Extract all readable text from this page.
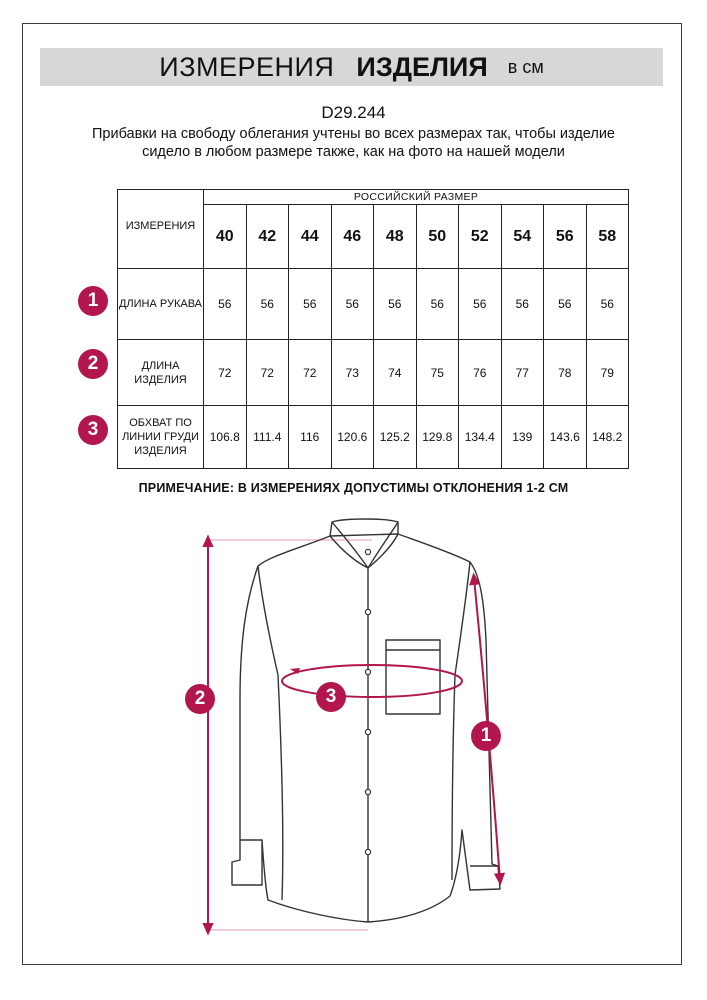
ИЗМЕРЕНИЯ ИЗДЕЛИЯ в см
D29.244
Прибавки на свободу облегания учтены во всех размерах так, чтобы изделие сидело в любом размере также, как на фото на нашей модели
ИЗМЕРЕНИЯ	РОССИЙСКИЙ РАЗМЕР									
	40	42	44	46	48	50	52	54	56	58
ДЛИНА РУКАВА	56	56	56	56	56	56	56	56	56	56
ДЛИНА ИЗДЕЛИЯ	72	72	72	73	74	75	76	77	78	79
ОБХВАТ ПО ЛИНИИ ГРУДИ ИЗДЕЛИЯ	106.8	111.4	116	120.6	125.2	129.8	134.4	139	143.6	148.2
1
2
3
ПРИМЕЧАНИЕ: В ИЗМЕРЕНИЯХ ДОПУСТИМЫ ОТКЛОНЕНИЯ 1-2 СМ
2	3
1
